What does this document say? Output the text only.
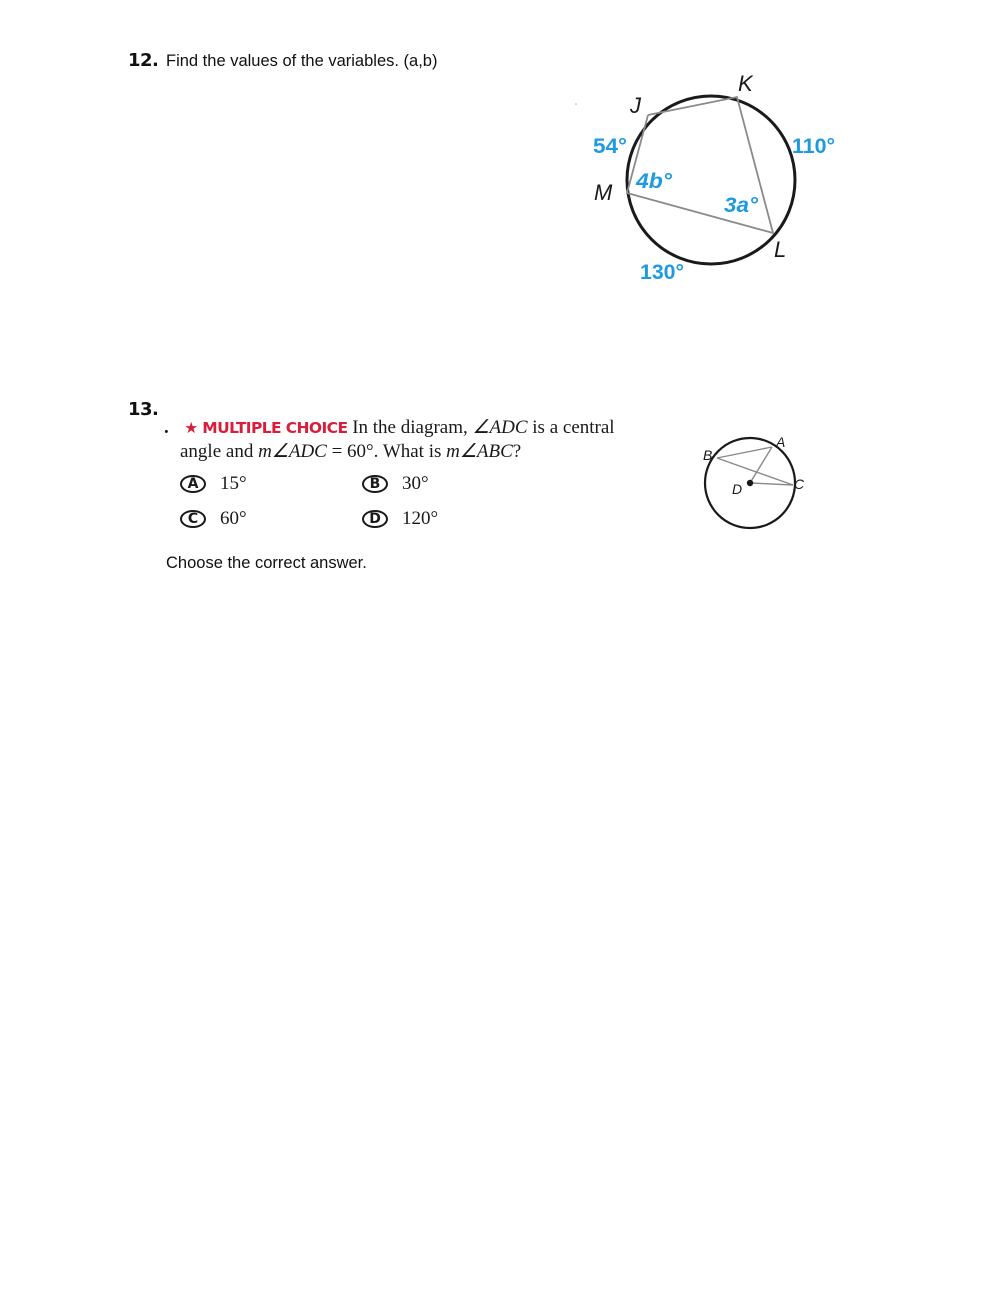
12. Find the values of the variables. (a,b)
J
K
L
M
54°	110°
130°
4b°
3a°
13.
. ★ MULTIPLE CHOICE In the diagram, ∠ADC is a central
angle and m∠ADC = 60°. What is m∠ABC?
A	15°	B	30°
C	60°	D	120°
Choose the correct answer.
A
B
C
D
